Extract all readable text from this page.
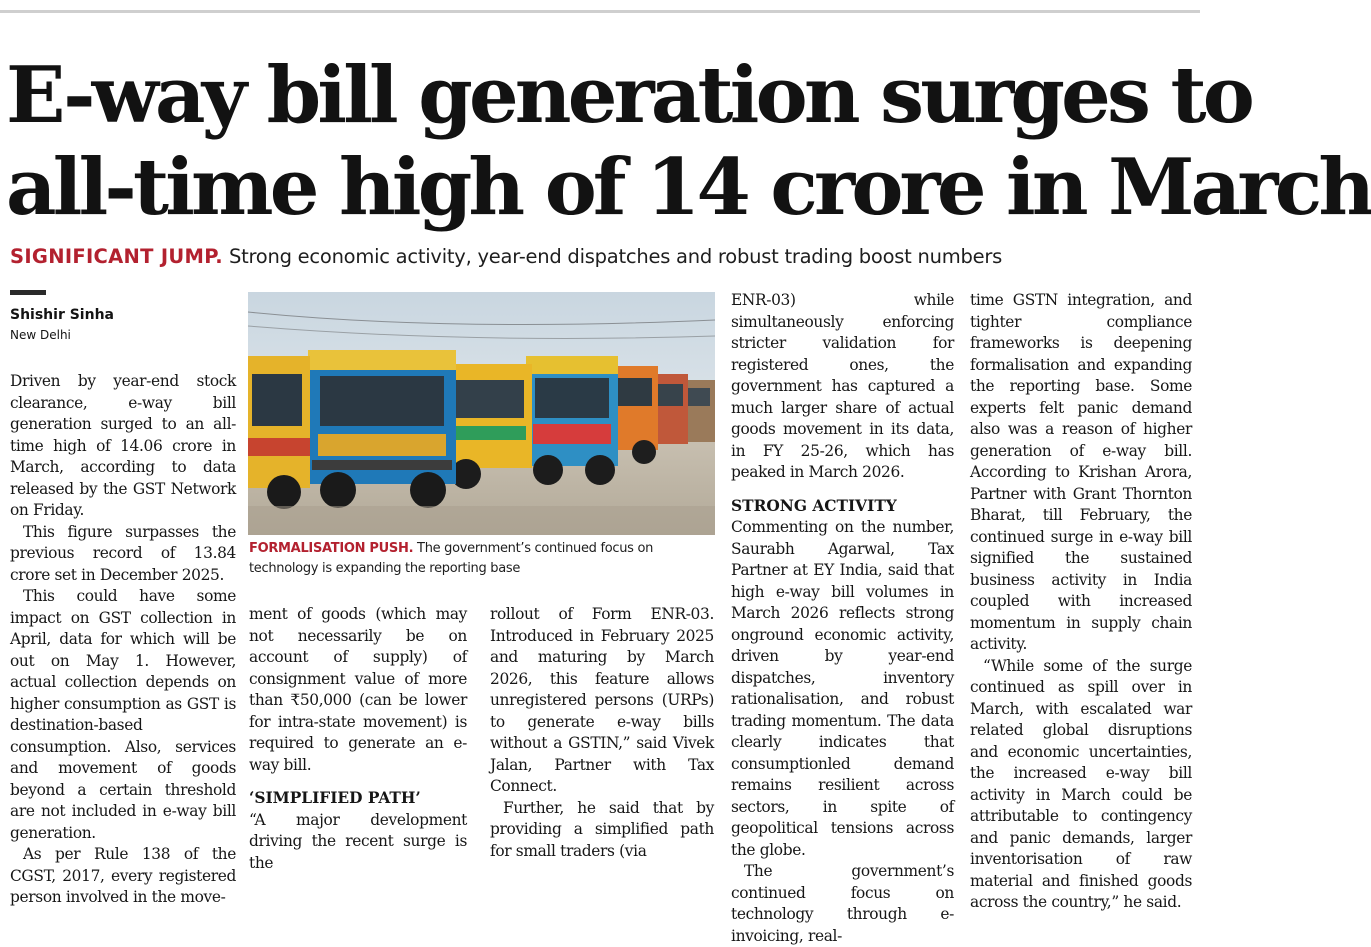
E-way bill generation surges to
all-time high of 14 crore in March
SIGNIFICANT JUMP. Strong economic activity, year-end dispatches and robust trading boost numbers
Shishir Sinha
New Delhi
FORMALISATION PUSH. The government’s continued focus on technology is expanding the reporting base

Driven by year-end stock clearance, e-way bill generation surged to an all-time high of 14.06 crore in March, according to data released by the GST Network on Friday.

This figure surpasses the previous record of 13.84 crore set in December 2025.

This could have some impact on GST collection in April, data for which will be out on May 1. However, actual collection depends on higher consumption as GST is destination-based consumption. Also, services and movement of goods beyond a certain threshold are not included in e-way bill generation.

As per Rule 138 of the CGST, 2017, every registered person involved in the move-

ment of goods (which may not necessarily be on account of supply) of consignment value of more than ₹50,000 (can be lower for intra-state movement) is required to generate an e-way bill.

‘SIMPLIFIED PATH’

“A major development driving the recent surge is the

rollout of Form ENR-03. Introduced in February 2025 and maturing by March 2026, this feature allows unregistered persons (URPs) to generate e-way bills without a GSTIN,” said Vivek Jalan, Partner with Tax Connect.

Further, he said that by providing a simplified path for small traders (via

ENR-03) while simultaneously enforcing stricter validation for registered ones, the government has captured a much larger share of actual goods movement in its data, in FY 25-26, which has peaked in March 2026.

STRONG ACTIVITY

Commenting on the number, Saurabh Agarwal, Tax Partner at EY India, said that high e-way bill volumes in March 2026 reflects strong onground economic activity, driven by year-end dispatches, inventory rationalisation, and robust trading momentum. The data clearly indicates that consumptionled demand remains resilient across sectors, in spite of geopolitical tensions across the globe.

The government’s continued focus on technology through e-invoicing, real-

time GSTN integration, and tighter compliance frameworks is deepening formalisation and expanding the reporting base. Some experts felt panic demand also was a reason of higher generation of e-way bill. According to Krishan Arora, Partner with Grant Thornton Bharat, till February, the continued surge in e-way bill signified the sustained business activity in India coupled with increased momentum in supply chain activity.

“While some of the surge continued as spill over in March, with escalated war related global disruptions and economic uncertainties, the increased e-way bill activity in March could be attributable to contingency and panic demands, larger inventorisation of raw material and finished goods across the country,” he said.
